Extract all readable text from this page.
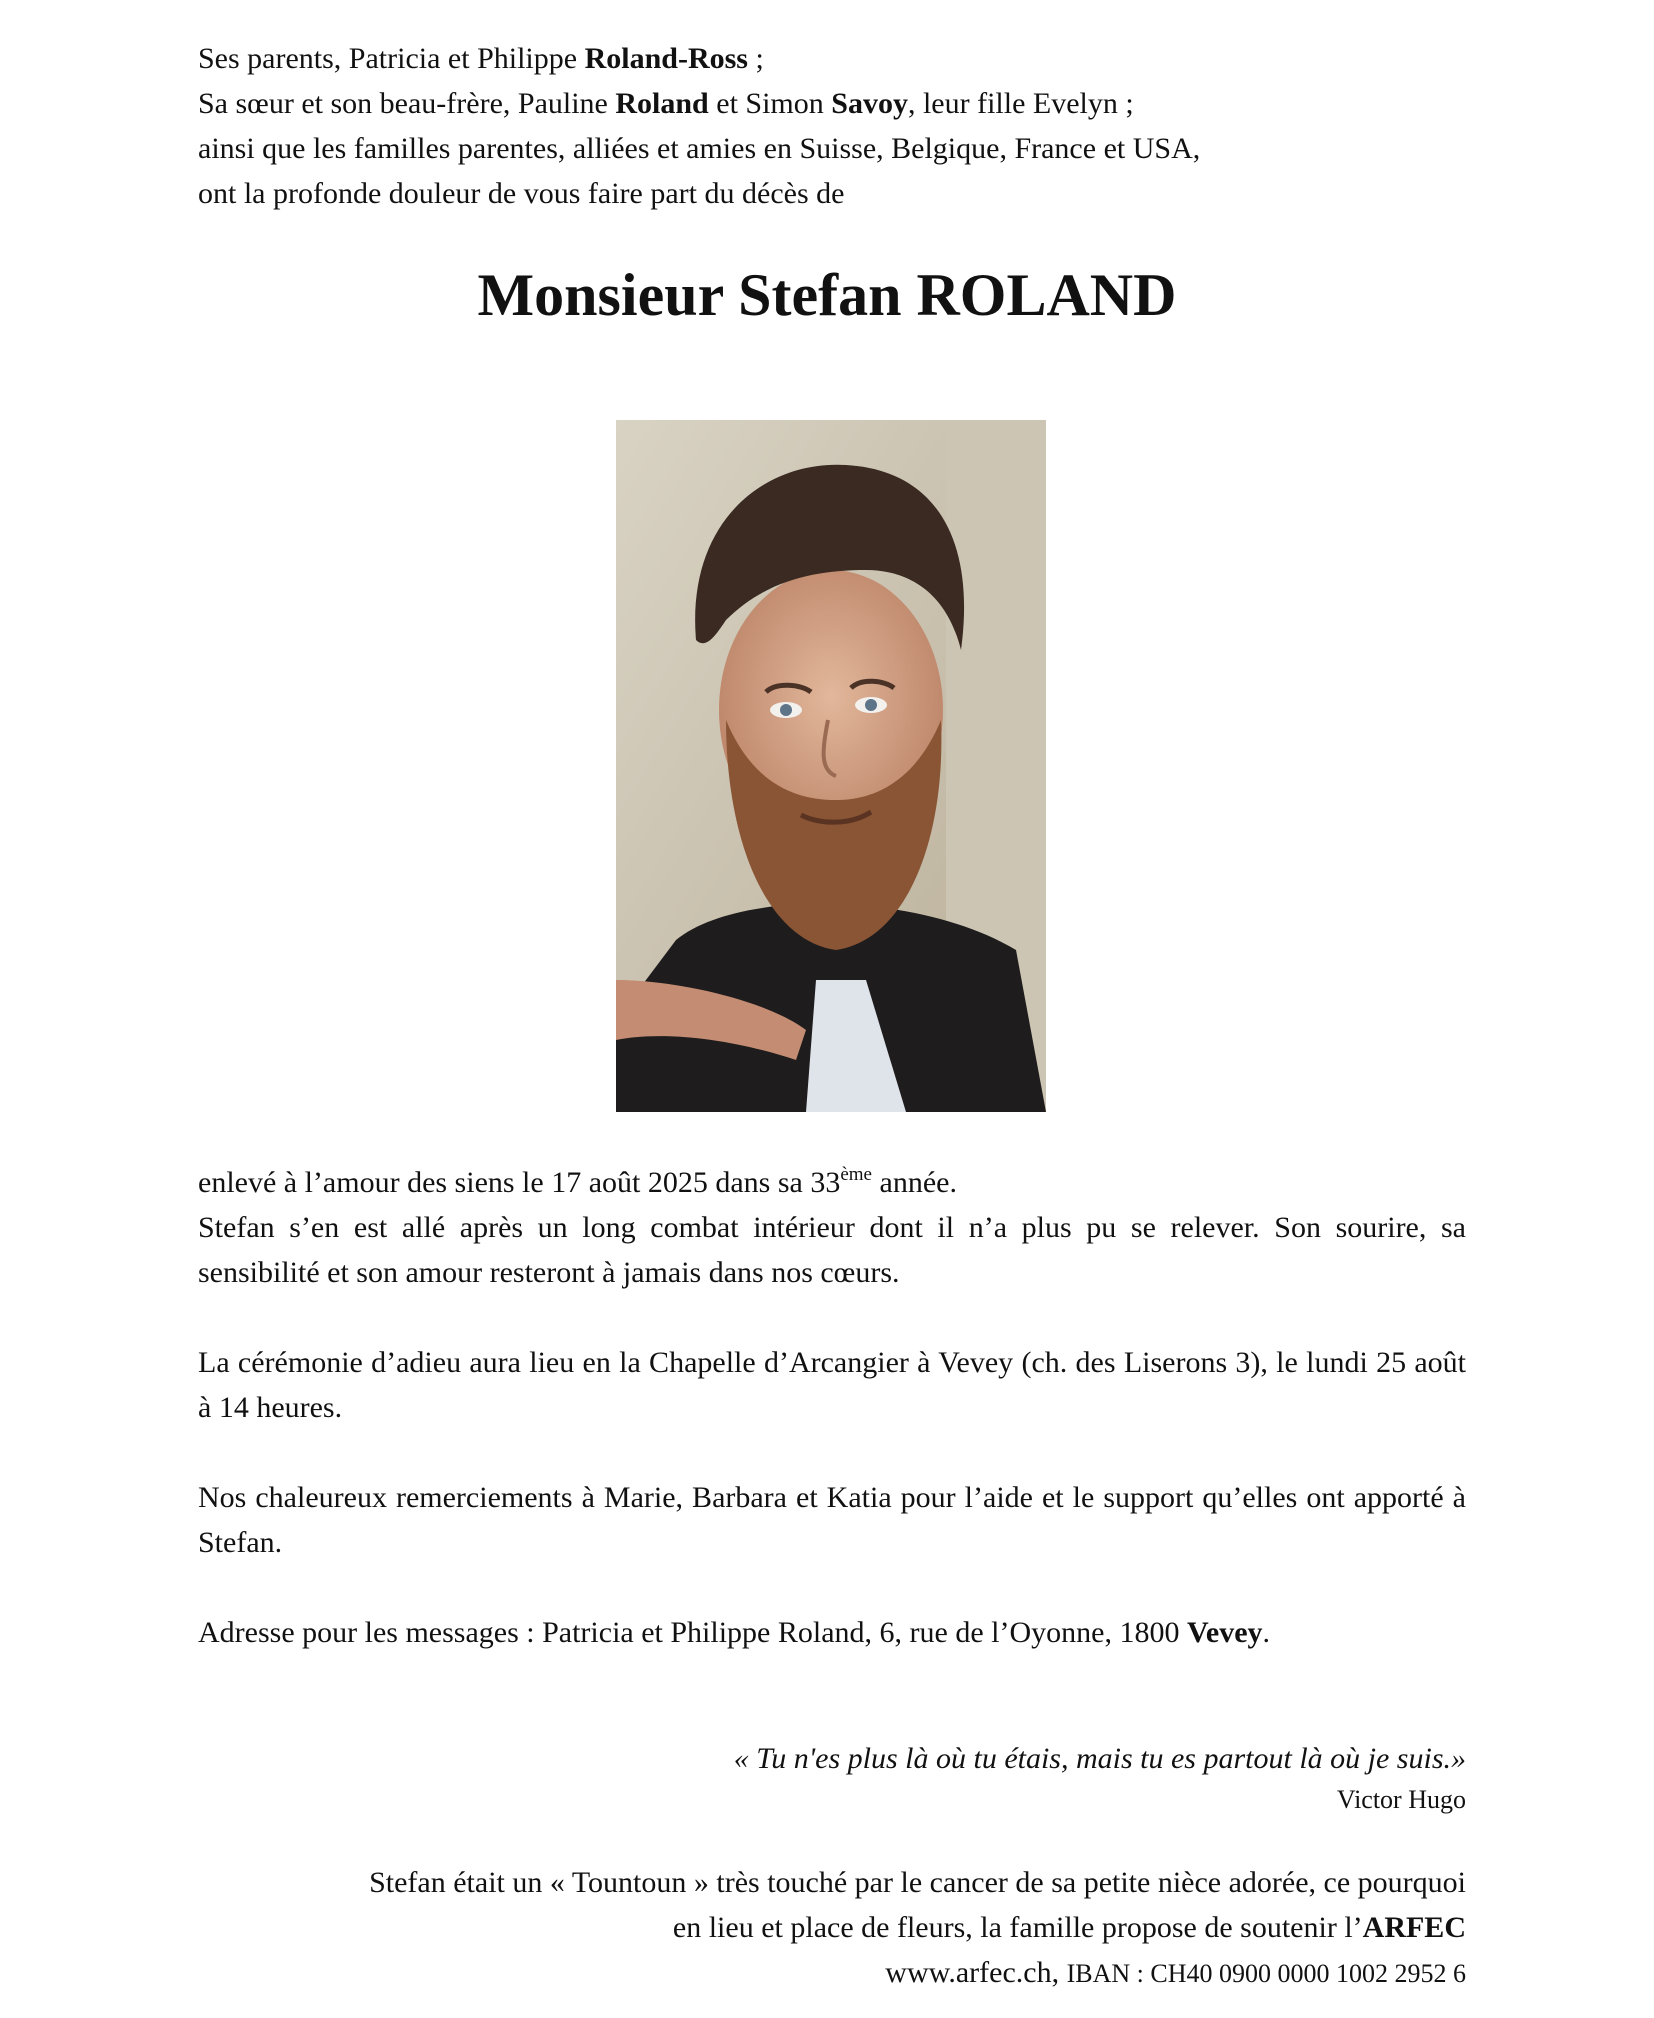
Ses parents, Patricia et Philippe Roland-Ross ;

Sa sœur et son beau-frère, Pauline Roland et Simon Savoy, leur fille Evelyn ;

ainsi que les familles parentes, alliées et amies en Suisse, Belgique, France et USA,

ont la profonde douleur de vous faire part du décès de

Monsieur Stefan ROLAND

enlevé à l’amour des siens le 17 août 2025 dans sa 33ème année.

Stefan s’en est allé après un long combat intérieur dont il n’a plus pu se relever. Son sourire, sa sensibilité et son amour resteront à jamais dans nos cœurs.

La cérémonie d’adieu aura lieu en la Chapelle d’Arcangier à Vevey (ch. des Liserons 3), le lundi 25 août à 14 heures.

Nos chaleureux remerciements à Marie, Barbara et Katia pour l’aide et le support qu’elles ont apporté à Stefan.

Adresse pour les messages : Patricia et Philippe Roland, 6, rue de l’Oyonne, 1800 Vevey.

« Tu n'es plus là où tu étais, mais tu es partout là où je suis.»
Victor Hugo

Stefan était un « Tountoun » très touché par le cancer de sa petite nièce adorée, ce pourquoi

en lieu et place de fleurs, la famille propose de soutenir l’ARFEC

www.arfec.ch, IBAN : CH40 0900 0000 1002 2952 6
